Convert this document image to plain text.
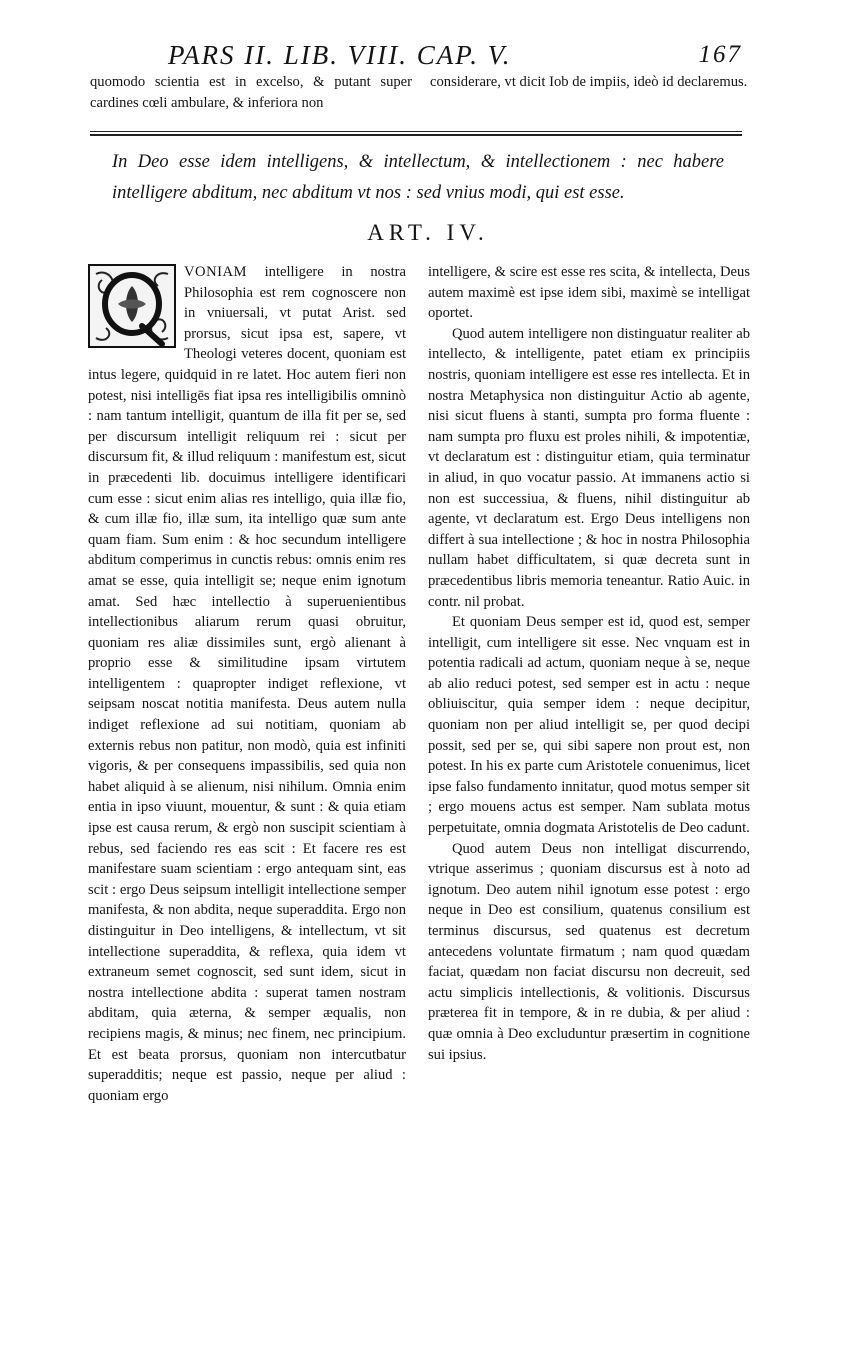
PARS II. LIB. VIII. CAP. V.	167

quomodo scientia est in excelso, & putant super cardines cœli ambulare, & inferiora non

considerare, vt dicit Iob de impiis, ideò id declaremus.

In Deo esse idem intelligens, & intellectum, & intellectionem : nec habere intelligere abditum, nec abditum vt nos : sed vnius modi, qui est esse.
ART. IV.

VONIAM intelligere in nostra Philosophia est rem cognoscere non in vniuersali, vt putat Arist. sed prorsus, sicut ipsa est, sapere, vt Theologi veteres docent, quoniam est intus legere, quidquid in re latet. Hoc autem fieri non potest, nisi intelligēs fiat ipsa res intelligibilis omninò : nam tantum intelligit, quantum de illa fit per se, sed per discursum intelligit reliquum rei : sicut per discursum fit, & illud reliquum : manifestum est, sicut in præcedenti lib. docuimus intelligere identificari cum esse : sicut enim alias res intelligo, quia illæ fio, & cum illæ fio, illæ sum, ita intelligo quæ sum ante quam fiam. Sum enim : & hoc secundum intelligere abditum comperimus in cunctis rebus: omnis enim res amat se esse, quia intelligit se; neque enim ignotum amat. Sed hæc intellectio à superuenientibus intellectionibus aliarum rerum quasi obruitur, quoniam res aliæ dissimiles sunt, ergò alienant à proprio esse & similitudine ipsam virtutem intelligentem : quapropter indiget reflexione, vt seipsam noscat notitia manifesta. Deus autem nulla indiget reflexione ad sui notitiam, quoniam ab externis rebus non patitur, non modò, quia est infiniti vigoris, & per consequens impassibilis, sed quia non habet aliquid à se alienum, nisi nihilum. Omnia enim entia in ipso viuunt, mouentur, & sunt : & quia etiam ipse est causa rerum, & ergò non suscipit scientiam à rebus, sed faciendo res eas scit : Et facere res est manifestare suam scientiam : ergo antequam sint, eas scit : ergo Deus seipsum intelligit intellectione semper manifesta, & non abdita, neque superaddita. Ergo non distinguitur in Deo intelligens, & intellectum, vt sit intellectione superaddita, & reflexa, quia idem vt extraneum semet cognoscit, sed sunt idem, sicut in nostra intellectione abdita : superat tamen nostram abditam, quia æterna, & semper æqualis, non recipiens magis, & minus; nec finem, nec principium. Et est beata prorsus, quoniam non intercutbatur superadditis; neque est passio, neque per aliud : quoniam ergo

intelligere, & scire est esse res scita, & intellecta, Deus autem maximè est ipse idem sibi, maximè se intelligat oportet.

Quod autem intelligere non distinguatur realiter ab intellecto, & intelligente, patet etiam ex principiis nostris, quoniam intelligere est esse res intellecta. Et in nostra Metaphysica non distinguitur Actio ab agente, nisi sicut fluens à stanti, sumpta pro forma fluente : nam sumpta pro fluxu est proles nihili, & impotentiæ, vt declaratum est : distinguitur etiam, quia terminatur in aliud, in quo vocatur passio. At immanens actio si non est successiua, & fluens, nihil distinguitur ab agente, vt declaratum est. Ergo Deus intelligens non differt à sua intellectione ; & hoc in nostra Philosophia nullam habet difficultatem, si quæ decreta sunt in præcedentibus libris memoria teneantur. Ratio Auic. in contr. nil probat.

Et quoniam Deus semper est id, quod est, semper intelligit, cum intelligere sit esse. Nec vnquam est in potentia radicali ad actum, quoniam neque à se, neque ab alio reduci potest, sed semper est in actu : neque obliuiscitur, quia semper idem : neque decipitur, quoniam non per aliud intelligit se, per quod decipi possit, sed per se, qui sibi sapere non prout est, non potest. In his ex parte cum Aristotele conuenimus, licet ipse falso fundamento innitatur, quod motus semper sit ; ergo mouens actus est semper. Nam sublata motus perpetuitate, omnia dogmata Aristotelis de Deo cadunt.

Quod autem Deus non intelligat discurrendo, vtrique asserimus ; quoniam discursus est à noto ad ignotum. Deo autem nihil ignotum esse potest : ergo neque in Deo est consilium, quatenus consilium est terminus discursus, sed quatenus est decretum antecedens voluntate firmatum ; nam quod quædam faciat, quædam non faciat discursu non decreuit, sed actu simplicis intellectionis, & volitionis. Discursus præterea fit in tempore, & in re dubia, & per aliud : quæ omnia à Deo excluduntur præsertim in cognitione sui ipsius.
